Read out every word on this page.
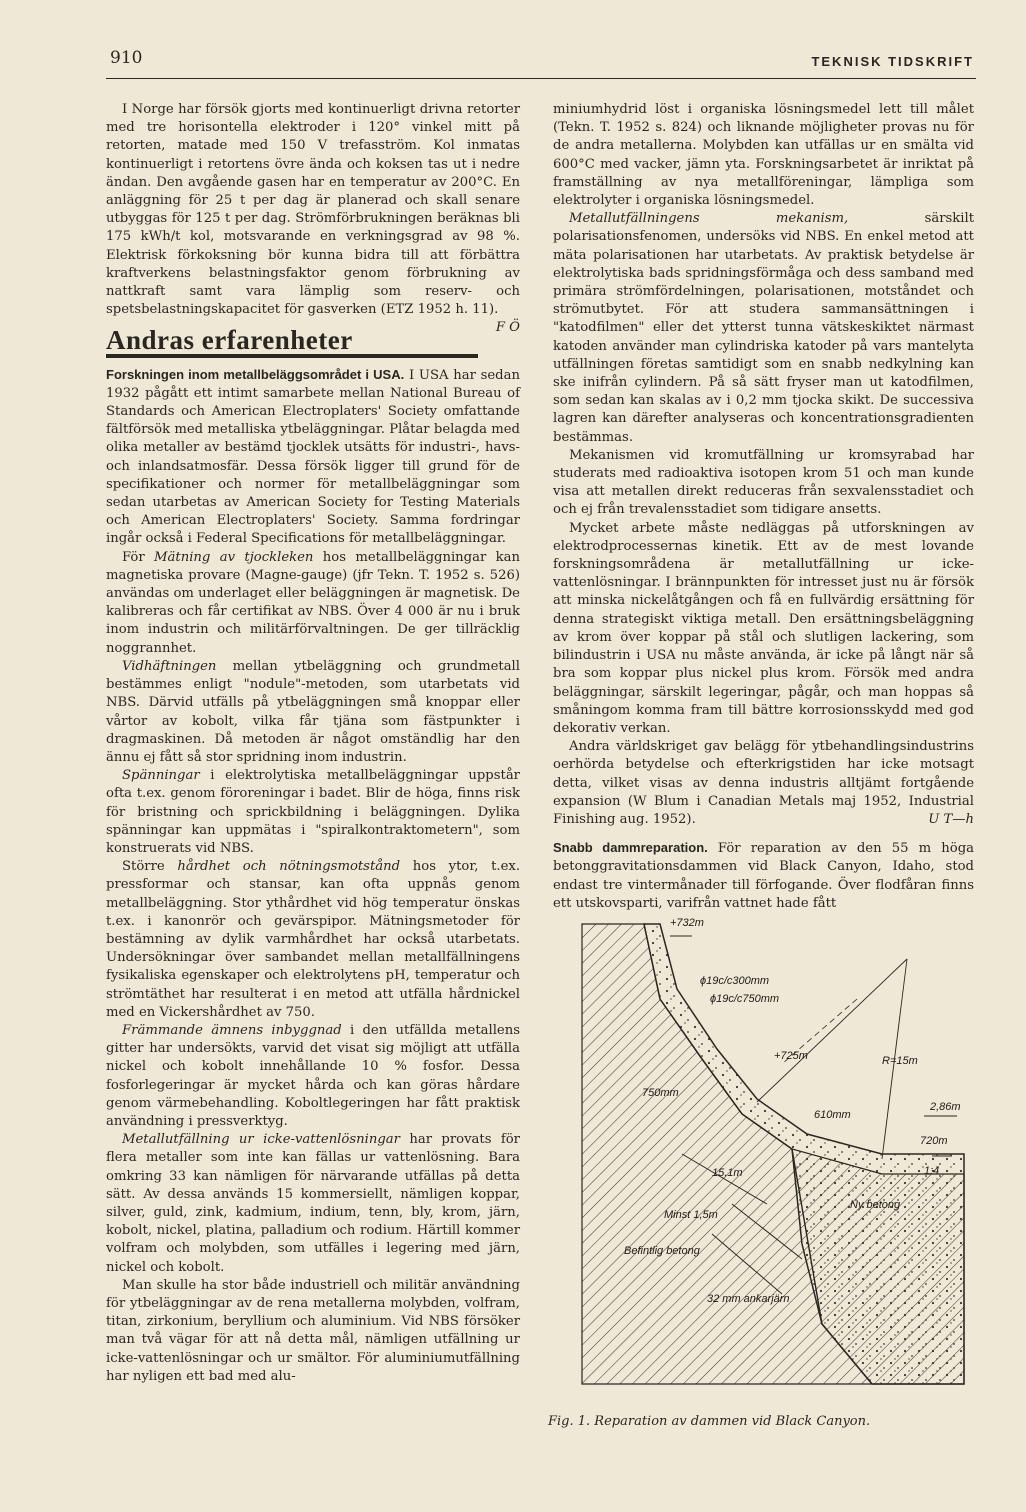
910	TEKNISK TIDSKRIFT

I Norge har försök gjorts med kontinuerligt drivna retorter med tre horisontella elektroder i 120° vinkel mitt på retorten, matade med 150 V trefasström. Kol inmatas kontinuerligt i retortens övre ända och koksen tas ut i nedre ändan. Den avgående gasen har en temperatur av 200°C. En anläggning för 25 t per dag är planerad och skall senare utbyggas för 125 t per dag. Strömförbrukningen beräknas bli 175 kWh/t kol, motsvarande en verkningsgrad av 98 %. Elektrisk förkoksning bör kunna bidra till att förbättra kraftverkens belastningsfaktor genom förbrukning av nattkraft samt vara lämplig som reserv- och spetsbelastningskapacitet för gasverken (ETZ 1952 h. 11).
F Ö

Andras erfarenheter

Forskningen inom metallbeläggsområdet i USA. I USA har sedan 1932 pågått ett intimt samarbete mellan National Bureau of Standards och American Electroplaters' Society omfattande fältförsök med metalliska ytbeläggningar. Plåtar belagda med olika metaller av bestämd tjocklek utsätts för industri-, havs- och inlandsatmosfär. Dessa försök ligger till grund för de specifikationer och normer för metallbeläggningar som sedan utarbetas av American Society for Testing Materials och American Electroplaters' Society. Samma fordringar ingår också i Federal Specifications för metallbeläggningar.

För Mätning av tjockleken hos metallbeläggningar kan magnetiska provare (Magne-gauge) (jfr Tekn. T. 1952 s. 526) användas om underlaget eller beläggningen är magnetisk. De kalibreras och får certifikat av NBS. Över 4 000 är nu i bruk inom industrin och militärförvaltningen. De ger tillräcklig noggrannhet.

Vidhäftningen mellan ytbeläggning och grundmetall bestämmes enligt "nodule"-metoden, som utarbetats vid NBS. Därvid utfälls på ytbeläggningen små knoppar eller vårtor av kobolt, vilka får tjäna som fästpunkter i dragmaskinen. Då metoden är något omständlig har den ännu ej fått så stor spridning inom industrin.

Spänningar i elektrolytiska metallbeläggningar uppstår ofta t.ex. genom föroreningar i badet. Blir de höga, finns risk för bristning och sprickbildning i beläggningen. Dylika spänningar kan uppmätas i "spiralkontraktometern", som konstruerats vid NBS.

Större hårdhet och nötningsmotstånd hos ytor, t.ex. pressformar och stansar, kan ofta uppnås genom metallbeläggning. Stor ythårdhet vid hög temperatur önskas t.ex. i kanonrör och gevärspipor. Mätningsmetoder för bestämning av dylik varmhårdhet har också utarbetats. Undersökningar över sambandet mellan metallfällningens fysikaliska egenskaper och elektrolytens pH, temperatur och strömtäthet har resulterat i en metod att utfälla hårdnickel med en Vickershårdhet av 750.

Främmande ämnens inbyggnad i den utfällda metallens gitter har undersökts, varvid det visat sig möjligt att utfälla nickel och kobolt innehållande 10 % fosfor. Dessa fosforlegeringar är mycket hårda och kan göras hårdare genom värmebehandling. Koboltlegeringen har fått praktisk användning i pressverktyg.

Metallutfällning ur icke-vattenlösningar har provats för flera metaller som inte kan fällas ur vattenlösning. Bara omkring 33 kan nämligen för närvarande utfällas på detta sätt. Av dessa används 15 kommersiellt, nämligen koppar, silver, guld, zink, kadmium, indium, tenn, bly, krom, järn, kobolt, nickel, platina, palladium och rodium. Härtill kommer volfram och molybden, som utfälles i legering med järn, nickel och kobolt.

Man skulle ha stor både industriell och militär användning för ytbeläggningar av de rena metallerna molybden, volfram, titan, zirkonium, beryllium och aluminium. Vid NBS försöker man två vägar för att nå detta mål, nämligen utfällning ur icke-vattenlösningar och ur smältor. För aluminiumutfällning har nyligen ett bad med alu-

miniumhydrid löst i organiska lösningsmedel lett till målet (Tekn. T. 1952 s. 824) och liknande möjligheter provas nu för de andra metallerna. Molybden kan utfällas ur en smälta vid 600°C med vacker, jämn yta. Forskningsarbetet är inriktat på framställning av nya metallföreningar, lämpliga som elektrolyter i organiska lösningsmedel.

Metallutfällningens mekanism, särskilt polarisationsfenomen, undersöks vid NBS. En enkel metod att mäta polarisationen har utarbetats. Av praktisk betydelse är elektrolytiska bads spridningsförmåga och dess samband med primära strömfördelningen, polarisationen, motståndet och strömutbytet. För att studera sammansättningen i "katodfilmen" eller det ytterst tunna vätskeskiktet närmast katoden använder man cylindriska katoder på vars mantelyta utfällningen företas samtidigt som en snabb nedkylning kan ske inifrån cylindern. På så sätt fryser man ut katodfilmen, som sedan kan skalas av i 0,2 mm tjocka skikt. De successiva lagren kan därefter analyseras och koncentrationsgradienten bestämmas.

Mekanismen vid kromutfällning ur kromsyrabad har studerats med radioaktiva isotopen krom 51 och man kunde visa att metallen direkt reduceras från sexvalensstadiet och och ej från trevalensstadiet som tidigare ansetts.

Mycket arbete måste nedläggas på utforskningen av elektrodprocessernas kinetik. Ett av de mest lovande forskningsområdena är metallutfällning ur icke-vattenlösningar. I brännpunkten för intresset just nu är försök att minska nickelåtgången och få en fullvärdig ersättning för denna strategiskt viktiga metall. Den ersättningsbeläggning av krom över koppar på stål och slutligen lackering, som bilindustrin i USA nu måste använda, är icke på långt när så bra som koppar plus nickel plus krom. Försök med andra beläggningar, särskilt legeringar, pågår, och man hoppas så småningom komma fram till bättre korrosionsskydd med god dekorativ verkan.

Andra världskriget gav belägg för ytbehandlingsindustrins oerhörda betydelse och efterkrigstiden har icke motsagt detta, vilket visas av denna industris alltjämt fortgående expansion (W Blum i Canadian Metals maj 1952, Industrial Finishing aug. 1952).	U T—h

Snabb dammreparation. För reparation av den 55 m höga betonggravitationsdammen vid Black Canyon, Idaho, stod endast tre vintermånader till förfogande. Över flodfåran finns ett utskovsparti, varifrån vattnet hade fått

+732m
ϕ19c/c300mm
ϕ19c/c750mm
+725m	R=15m
750mm
610mm
2,86m
720m
15,1m	1:4
Ny betong
Minst 1,5m
Befintlig betong
32 mm ankarjärn
Fig. 1. Reparation av dammen vid Black Canyon.
